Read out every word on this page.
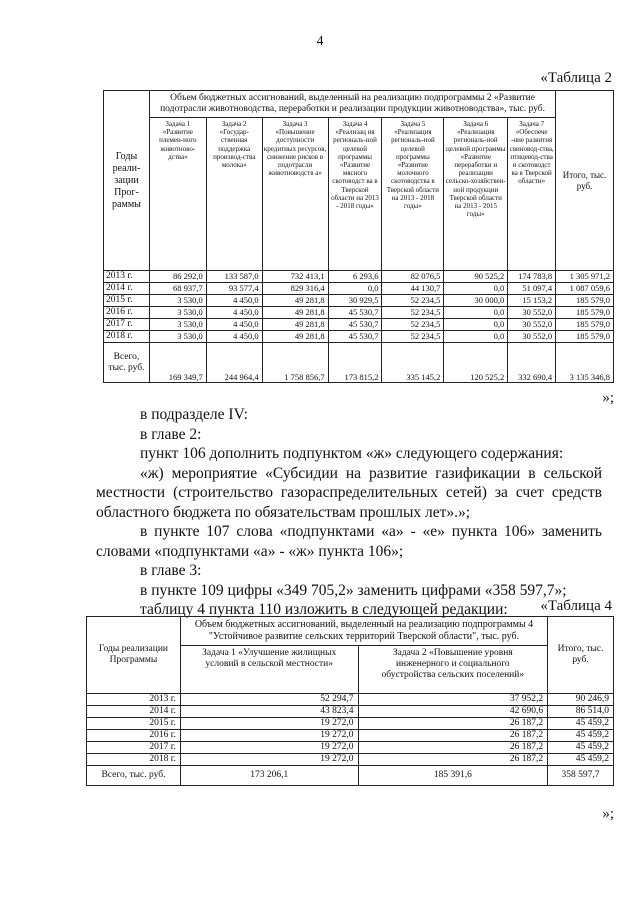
4
«Таблица 2
Годы реали-зации Прог-раммы	Объем бюджетных ассигнований, выделенный на реализацию подпрограммы 2 «Развитие подотрасли животноводства, переработки и реализации продукции животноводства», тыс. руб.							Итого, тыс. руб.
	Задача 1 «Развитие племен-ного животново-дства»	Задача 2 «Государ-ственная поддержка производ-ства молока»	Задача 3 «Повышение доступности кредитных ресурсов, снижение рисков в подотрасли животноводств а»	Задача 4 «Реализац ия региональ-ной целевой программы «Развитие мясного скотоводст ва в Тверской области на 2013 - 2018 годы»	Задача 5 «Реализация региональ-ной целевой программы «Развитие молочного скотоводства в Тверской области на 2013 - 2018 годы»	Задача 6 «Реализация региональ-ной целевой программы «Развитие переработки и реализации сельско-хозяйствен-ной продукции Тверской области на 2013 - 2015 годы»	Задача 7 «Обеспече -ние развития свиновод-ства, птицевод-ства и скотоводст ва в Тверской области»	
2013 г.	86 292,0	133 587,0	732 413,1	6 293,6	82 076,5	90 525,2	174 783,8	1 305 971,2
2014 г.	68 937,7	93 577,4	829 316,4	0,0	44 130,7	0,0	51 097,4	1 087 059,6
2015 г.	3 530,0	4 450,0	49 281,8	30 929,5	52 234,5	30 000,0	15 153,2	185 579,0
2016 г.	3 530,0	4 450,0	49 281,8	45 530,7	52 234,5	0,0	30 552,0	185 579,0
2017 г.	3 530,0	4 450,0	49 281,8	45 530,7	52 234,5	0,0	30 552,0	185 579,0
2018 г.	3 530,0	4 450,0	49 281,8	45 530,7	52 234,5	0,0	30 552,0	185 579,0
Всего, тыс. руб.	169 349,7	244 964,4	1 758 856,7	173 815,2	335 145,2	120 525,2	332 690,4	3 135 346,8
»;
в подразделе IV:
в главе 2:
пункт 106 дополнить подпунктом «ж» следующего содержания:
«ж) мероприятие «Субсидии на развитие газификации в сельской местности (строительство газораспределительных сетей) за счет средств областного бюджета по обязательствам прошлых лет».»;
в пункте 107 слова «подпунктами «а» - «е» пункта 106» заменить словами «подпунктами «а» - «ж» пункта 106»;
в главе 3:
в пункте 109 цифры «349 705,2» заменить цифрами «358 597,7»;
таблицу 4 пункта 110 изложить в следующей редакции:	«Таблица 4
Годы реализации Программы	Объем бюджетных ассигнований, выделенный на реализацию подпрограммы 4 "Устойчивое развитие сельских территорий Тверской области", тыс. руб.		Итого, тыс. руб.
	Задача 1 «Улучшение жилищных условий в сельской местности»	Задача 2 «Повышение уровня инженерного и социального обустройства сельских поселений»	
2013 г.	52 294,7	37 952,2	90 246,9
2014 г.	43 823,4	42 690,6	86 514,0
2015 г.	19 272,0	26 187,2	45 459,2
2016 г.	19 272,0	26 187,2	45 459,2
2017 г.	19 272,0	26 187,2	45 459,2
2018 г.	19 272,0	26 187,2	45 459,2
Всего, тыс. руб.	173 206,1	185 391,6	358 597,7
»;
